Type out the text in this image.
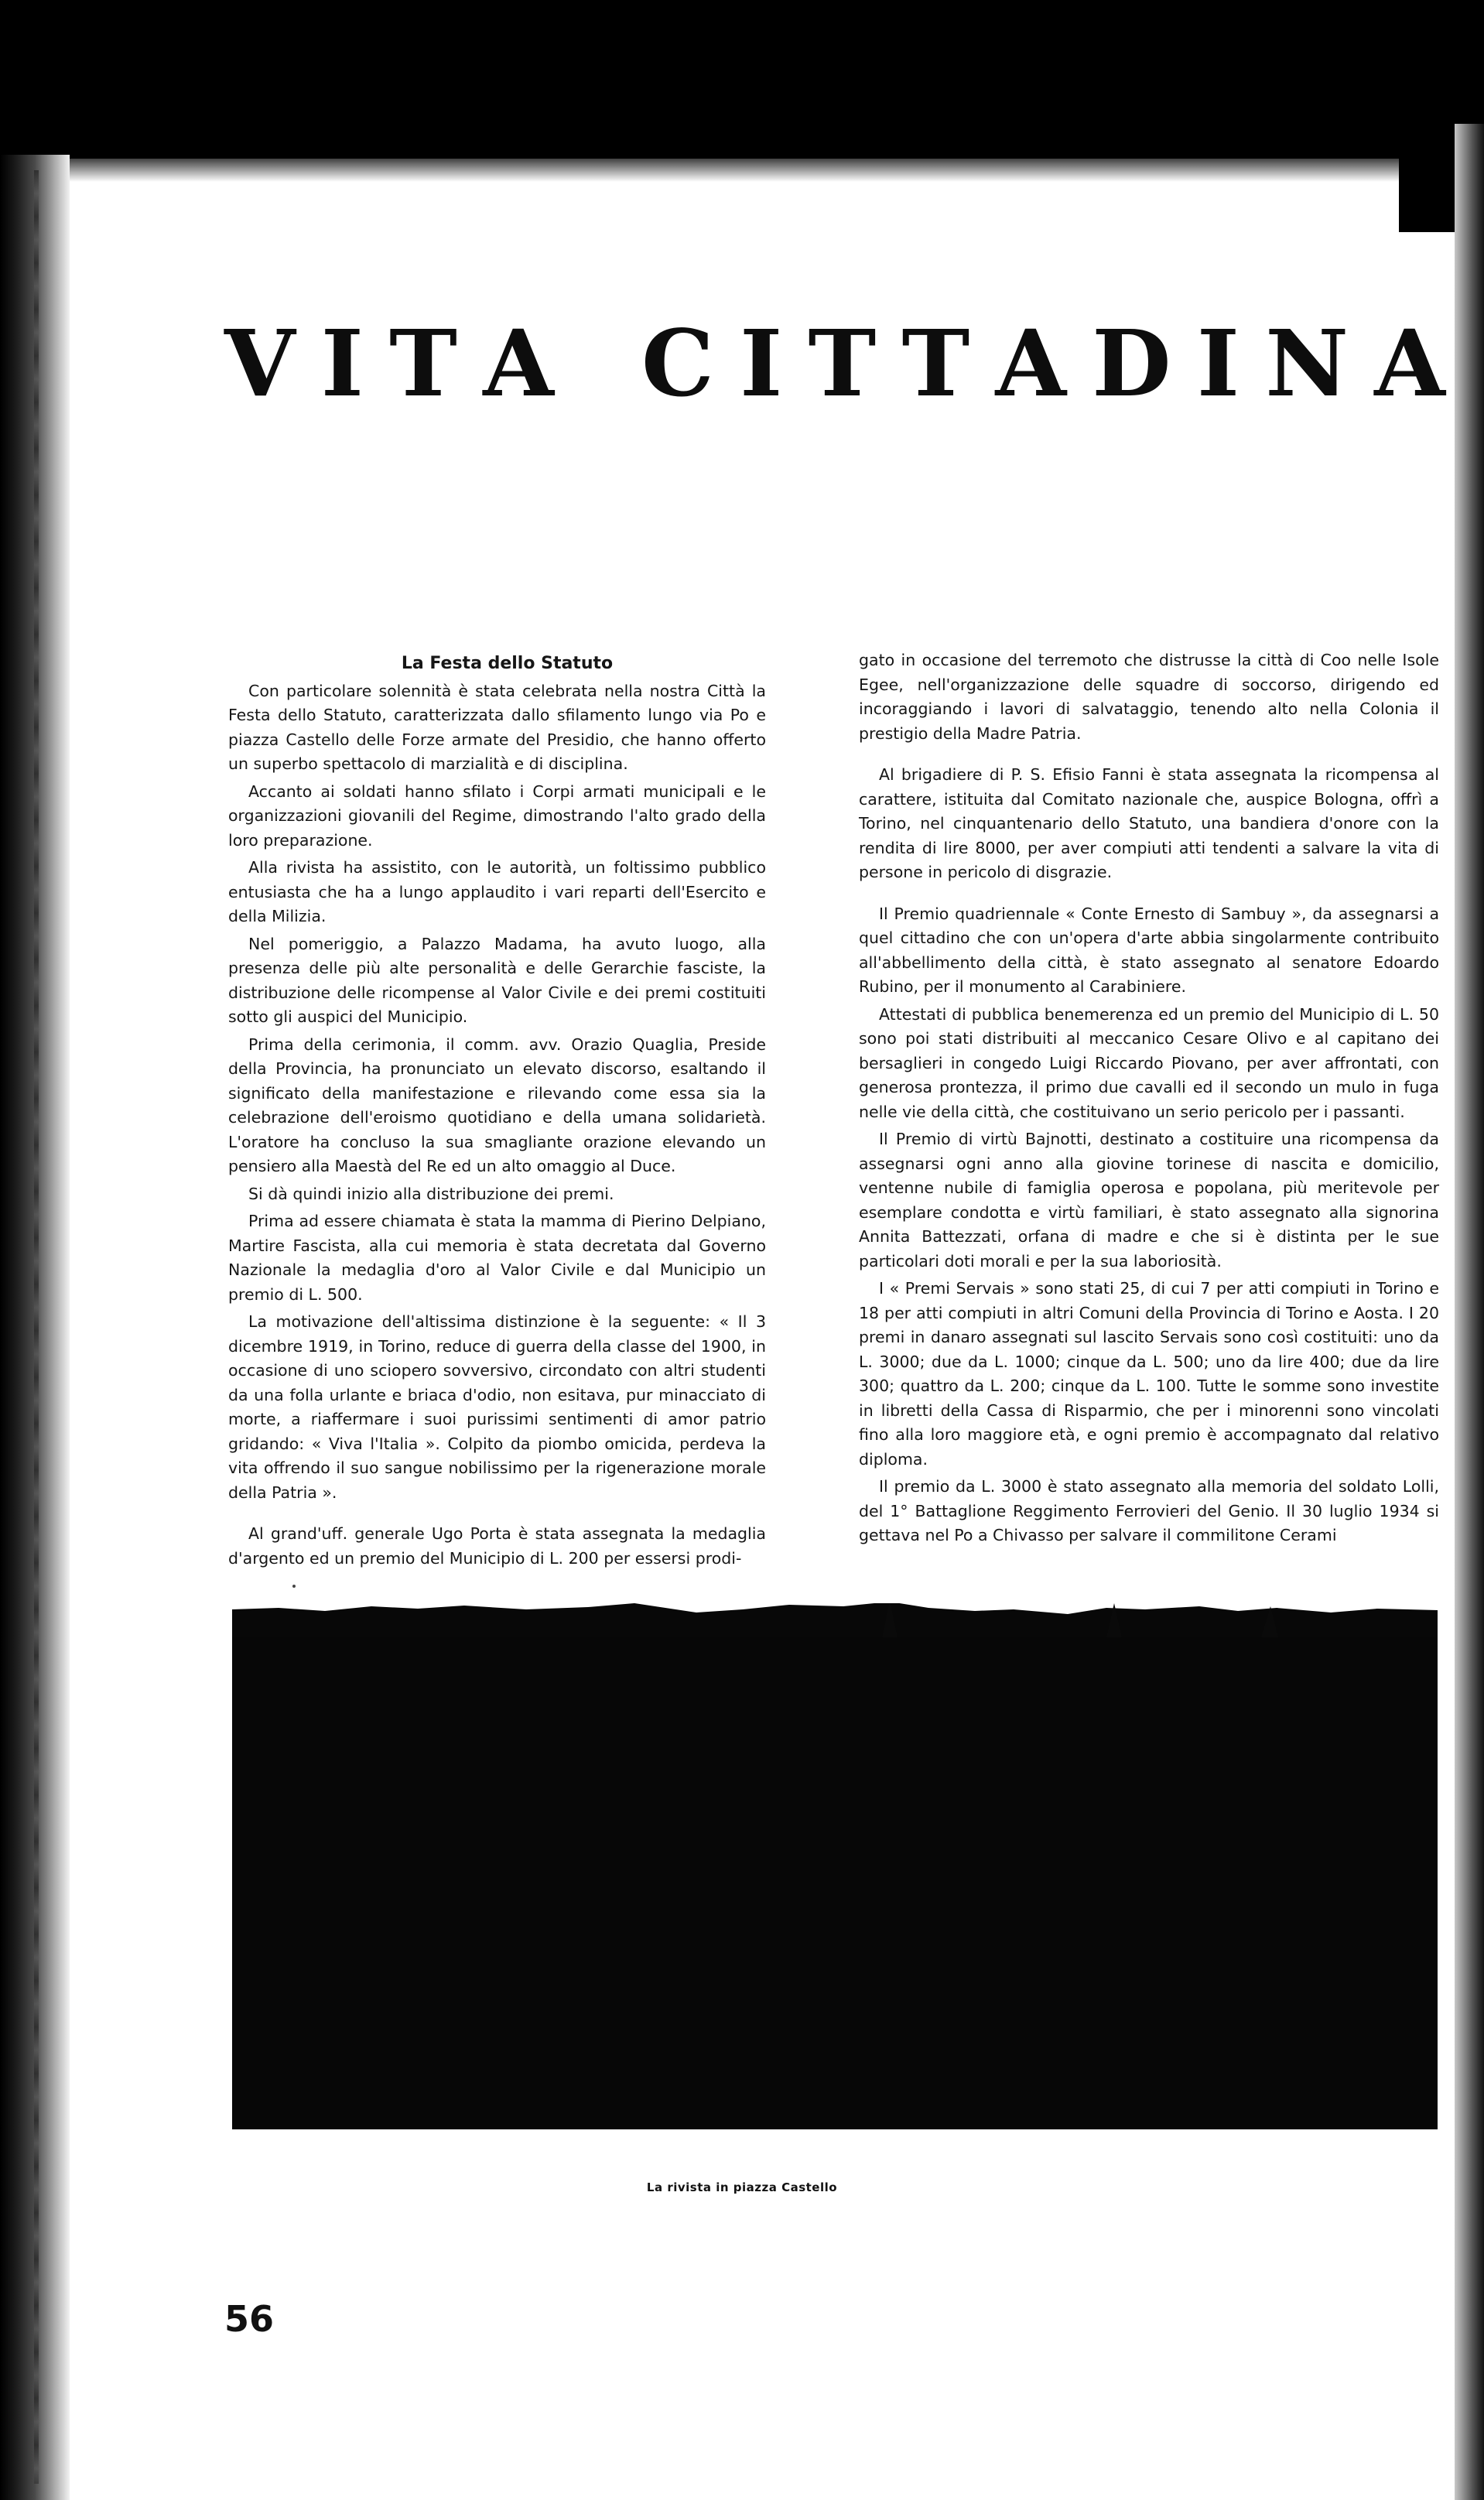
V I T A C I T T A D I N A

La Festa dello Statuto

Con particolare solennità è stata celebrata nella nostra Città la Festa dello Statuto, caratterizzata dallo sfilamento lungo via Po e piazza Castello delle Forze armate del Presidio, che hanno offerto un superbo spettacolo di marzialità e di disciplina.

Accanto ai soldati hanno sfilato i Corpi armati municipali e le organizzazioni giovanili del Regime, dimostrando l'alto grado della loro preparazione.

Alla rivista ha assistito, con le autorità, un foltissimo pubblico entusiasta che ha a lungo applaudito i vari reparti dell'Esercito e della Milizia.

Nel pomeriggio, a Palazzo Madama, ha avuto luogo, alla presenza delle più alte personalità e delle Gerarchie fasciste, la distribuzione delle ricompense al Valor Civile e dei premi costituiti sotto gli auspici del Municipio.

Prima della cerimonia, il comm. avv. Orazio Quaglia, Preside della Provincia, ha pronunciato un elevato discorso, esaltando il significato della manifestazione e rilevando come essa sia la celebrazione dell'eroismo quotidiano e della umana solidarietà. L'oratore ha concluso la sua smagliante orazione elevando un pensiero alla Maestà del Re ed un alto omaggio al Duce.

Si dà quindi inizio alla distribuzione dei premi.

Prima ad essere chiamata è stata la mamma di Pierino Delpiano, Martire Fascista, alla cui memoria è stata decretata dal Governo Nazionale la medaglia d'oro al Valor Civile e dal Municipio un premio di L. 500.

La motivazione dell'altissima distinzione è la seguente: « Il 3 dicembre 1919, in Torino, reduce di guerra della classe del 1900, in occasione di uno sciopero sovversivo, circondato con altri studenti da una folla urlante e briaca d'odio, non esitava, pur minacciato di morte, a riaffermare i suoi purissimi sentimenti di amor patrio gridando: « Viva l'Italia ». Colpito da piombo omicida, perdeva la vita offrendo il suo sangue nobilissimo per la rigenerazione morale della Patria ».

Al grand'uff. generale Ugo Porta è stata assegnata la medaglia d'argento ed un premio del Municipio di L. 200 per essersi prodi-

gato in occasione del terremoto che distrusse la città di Coo nelle Isole Egee, nell'organizzazione delle squadre di soccorso, dirigendo ed incoraggiando i lavori di salvataggio, tenendo alto nella Colonia il prestigio della Madre Patria.

Al brigadiere di P. S. Efisio Fanni è stata assegnata la ricompensa al carattere, istituita dal Comitato nazionale che, auspice Bologna, offrì a Torino, nel cinquantenario dello Statuto, una bandiera d'onore con la rendita di lire 8000, per aver compiuti atti tendenti a salvare la vita di persone in pericolo di disgrazie.

Il Premio quadriennale « Conte Ernesto di Sambuy », da assegnarsi a quel cittadino che con un'opera d'arte abbia singolarmente contribuito all'abbellimento della città, è stato assegnato al senatore Edoardo Rubino, per il monumento al Carabiniere.

Attestati di pubblica benemerenza ed un premio del Municipio di L. 50 sono poi stati distribuiti al meccanico Cesare Olivo e al capitano dei bersaglieri in congedo Luigi Riccardo Piovano, per aver affrontati, con generosa prontezza, il primo due cavalli ed il secondo un mulo in fuga nelle vie della città, che costituivano un serio pericolo per i passanti.

Il Premio di virtù Bajnotti, destinato a costituire una ricompensa da assegnarsi ogni anno alla giovine torinese di nascita e domicilio, ventenne nubile di famiglia operosa e popolana, più meritevole per esemplare condotta e virtù familiari, è stato assegnato alla signorina Annita Battezzati, orfana di madre e che si è distinta per le sue particolari doti morali e per la sua laboriosità.

I « Premi Servais » sono stati 25, di cui 7 per atti compiuti in Torino e 18 per atti compiuti in altri Comuni della Provincia di Torino e Aosta. I 20 premi in danaro assegnati sul lascito Servais sono così costituiti: uno da L. 3000; due da L. 1000; cinque da L. 500; uno da lire 400; due da lire 300; quattro da L. 200; cinque da L. 100. Tutte le somme sono investite in libretti della Cassa di Risparmio, che per i minorenni sono vincolati fino alla loro maggiore età, e ogni premio è accompagnato dal relativo diploma.

Il premio da L. 3000 è stato assegnato alla memoria del soldato Lolli, del 1° Battaglione Reggimento Ferrovieri del Genio. Il 30 luglio 1934 si gettava nel Po a Chivasso per salvare il commilitone Cerami

La rivista in piazza Castello
56
